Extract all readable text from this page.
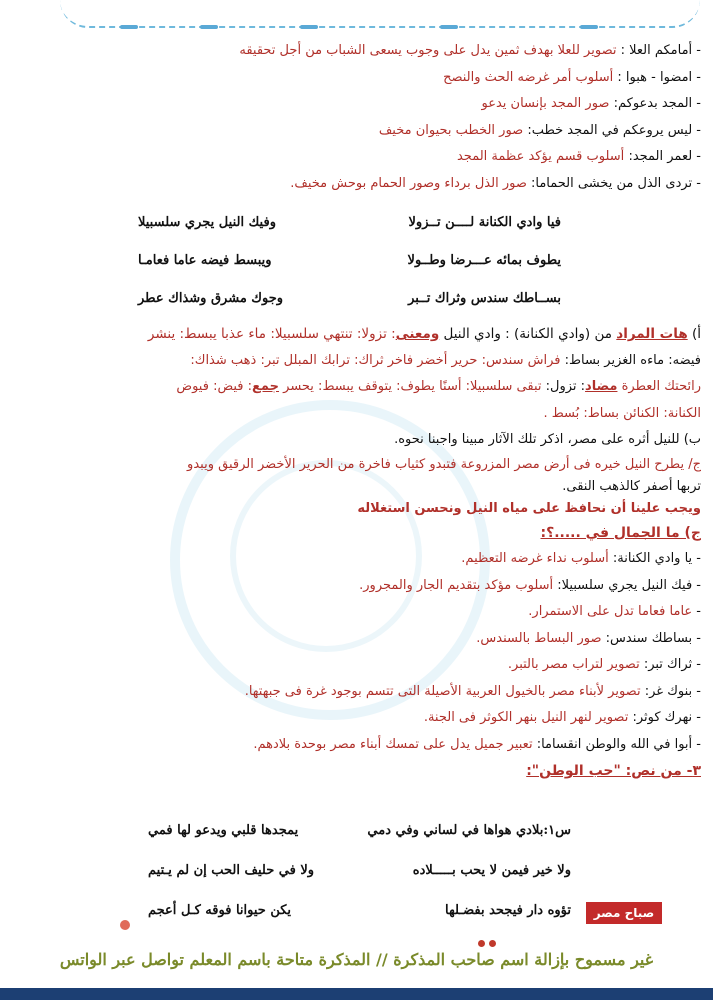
- أمامكم العلا : تصوير للعلا بهدف ثمين يدل على وجوب يسعى الشباب من أجل تحقيقه
- امضوا - هبوا : أسلوب أمر غرضه الحث والنصح
- المجد بدعوكم: صور المجد بإنسان يدعو
- ليس يروعكم في المجد خطب: صور الخطب بحيوان مخيف
- لعمر المجد: أسلوب قسم يؤكد عظمة المجد
- تردى الذل من يخشى الحماما: صور الذل برداء وصور الحمام بوحش مخيف.
فيا وادي الكنانة لــــن تــزولا
وفيك النيل يجري سلسبيلا
يطوف بمائه عـــرضا وطــولا
ويبسط فيضه عاما فعامـا
بســاطك سندس وثراك تــبر
وجوك مشرق وشذاك عطر
أ) هات المراد من (وادي الكنانة) : وادي النيل ومعنى: تزولا: تنتهي سلسبيلا: ماء عذبا يبسط: ينشر
فيضه: ماءه الغزير بساط: فراش سندس: حرير أخضر فاخر ثراك: ترابك المبلل تبر: ذهب شذاك:
رائحتك العطرة مضاد: تزول: تبقى سلسبيلا: أسنًا يطوف: يتوقف يبسط: يحسر جمع: فيض: فيوض
الكنانة: الكنائن بساط: بُسط .
ب) للنيل أثره على مصر، اذكر تلك الآثار مبينا واجبنا نحوه.
ج/ يطرح النيل خيره فى أرض مصر المزروعة فتبدو كثياب فاخرة من الحرير الأخضر الرقيق ويبدو
تربها أصفر كالذهب النقى.
ويجب علينا أن نحافظ على مياه النيل ونحسن استغلاله
ج) ما الجمال في .....؟:
- يا وادي الكنانة: أسلوب نداء غرضه التعظيم.
- فيك النيل يجري سلسبيلا: أسلوب مؤكد بتقديم الجار والمجرور.
- عاما فعاما تدل على الاستمرار.
- بساطك سندس: صور البساط بالسندس.
- ثراك تبر: تصوير لتراب مصر بالتبر.
- بنوك غر: تصوير لأبناء مصر بالخيول العربية الأصيلة التى تتسم بوجود غرة فى جبهتها.
- نهرك كوثر: تصوير لنهر النيل بنهر الكوثر فى الجنة.
- أبوا في الله والوطن انقساما: تعبير جميل يدل على تمسك أبناء مصر بوحدة بلادهم.
٣- من نص: "حب الوطن":
س١:بلادي هواها في لساني وفي دمي
يمجدها قلبي ويدعو لها فمي
ولا خير فيمن لا يحب بـــــلاده
ولا في حليف الحب إن لم يـتيم
تؤوه دار فيجحد بفضـلها
يكن حيوانا فوقه كـل أعجم	صباح مصر
غير مسموح بإزالة اسم صاحب المذكرة // المذكرة متاحة باسم المعلم تواصل عبر الواتس
